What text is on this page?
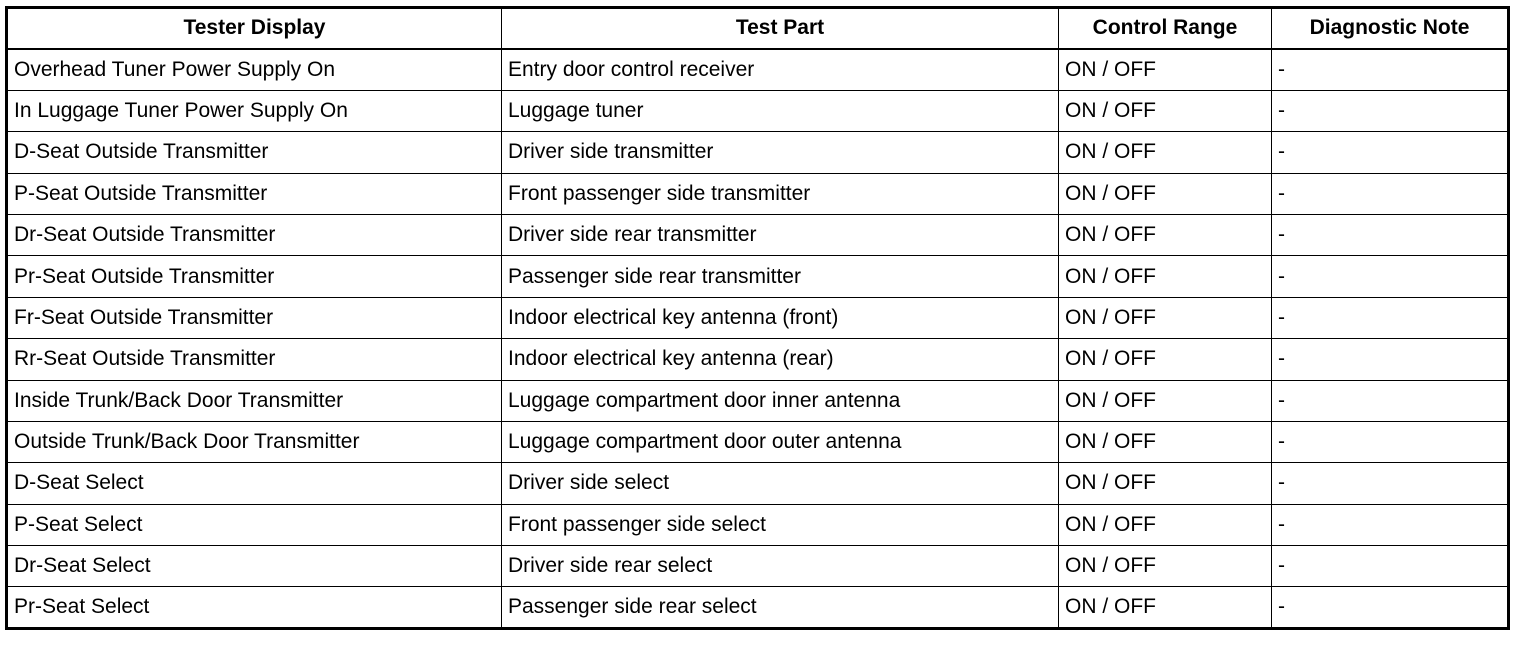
Tester Display	Test Part	Control Range	Diagnostic Note
Overhead Tuner Power Supply On	Entry door control receiver	ON / OFF	-
In Luggage Tuner Power Supply On	Luggage tuner	ON / OFF	-
D-Seat Outside Transmitter	Driver side transmitter	ON / OFF	-
P-Seat Outside Transmitter	Front passenger side transmitter	ON / OFF	-
Dr-Seat Outside Transmitter	Driver side rear transmitter	ON / OFF	-
Pr-Seat Outside Transmitter	Passenger side rear transmitter	ON / OFF	-
Fr-Seat Outside Transmitter	Indoor electrical key antenna (front)	ON / OFF	-
Rr-Seat Outside Transmitter	Indoor electrical key antenna (rear)	ON / OFF	-
Inside Trunk/Back Door Transmitter	Luggage compartment door inner antenna	ON / OFF	-
Outside Trunk/Back Door Transmitter	Luggage compartment door outer antenna	ON / OFF	-
D-Seat Select	Driver side select	ON / OFF	-
P-Seat Select	Front passenger side select	ON / OFF	-
Dr-Seat Select	Driver side rear select	ON / OFF	-
Pr-Seat Select	Passenger side rear select	ON / OFF	-
